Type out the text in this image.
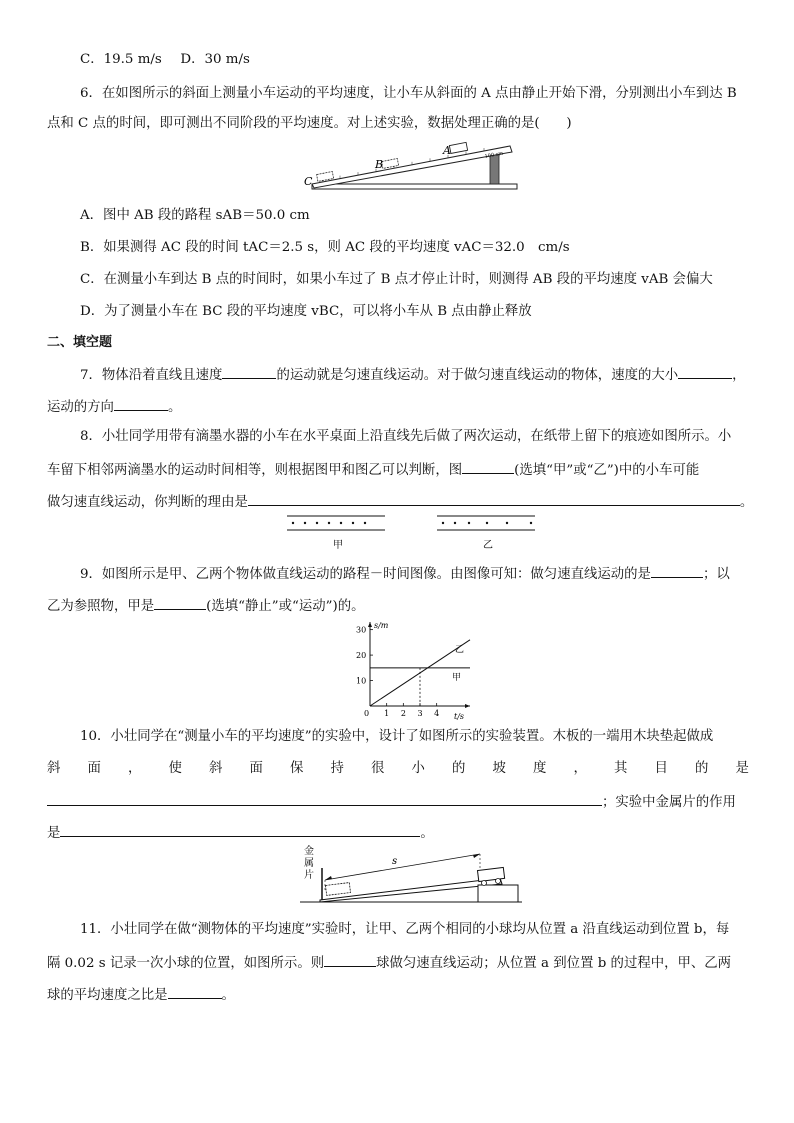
C．19.5 m/s D．30 m/s
6．在如图所示的斜面上测量小车运动的平均速度，让小车从斜面的 A 点由静止开始下滑，分别测出小车到达 B
点和 C 点的时间，即可测出不同阶段的平均速度。对上述实验，数据处理正确的是(　　)
100 cm
C
B
A
A．图中 AB 段的路程 sAB＝50.0 cm
B．如果测得 AC 段的时间 tAC＝2.5 s，则 AC 段的平均速度 vAC＝32.0　cm/s
C．在测量小车到达 B 点的时间时，如果小车过了 B 点才停止计时，则测得 AB 段的平均速度 vAB 会偏大
D．为了测量小车在 BC 段的平均速度 vBC，可以将小车从 B 点由静止释放
二、填空题
7．物体沿着直线且速度	的运动就是匀速直线运动。对于做匀速直线运动的物体，速度的大小	，
运动的方向	。
8．小壮同学用带有滴墨水器的小车在水平桌面上沿直线先后做了两次运动，在纸带上留下的痕迹如图所示。小
车留下相邻两滴墨水的运动时间相等，则根据图甲和图乙可以判断，图	(选填“甲”或“乙”)中的小车可能
做匀速直线运动，你判断的理由是	。
甲	乙
9．如图所示是甲、乙两个物体做直线运动的路程－时间图像。由图像可知：做匀速直线运动的是	；以
乙为参照物，甲是	(选填“静止”或“运动”)的。
s/m
t/s
乙
甲
0 1 2 3 4
10
20
30
10．小壮同学在“测量小车的平均速度”的实验中，设计了如图所示的实验装置。木板的一端用木块垫起做成
斜 面 ， 使 斜 面 保 持 很 小 的 坡 度 ， 其 目 的 是
；实验中金属片的作用
是	。
金
属
片
s
11．小壮同学在做“测物体的平均速度”实验时，让甲、乙两个相同的小球均从位置 a 沿直线运动到位置 b，每
隔 0.02 s 记录一次小球的位置，如图所示。则	球做匀速直线运动；从位置 a 到位置 b 的过程中，甲、乙两
球的平均速度之比是	。
